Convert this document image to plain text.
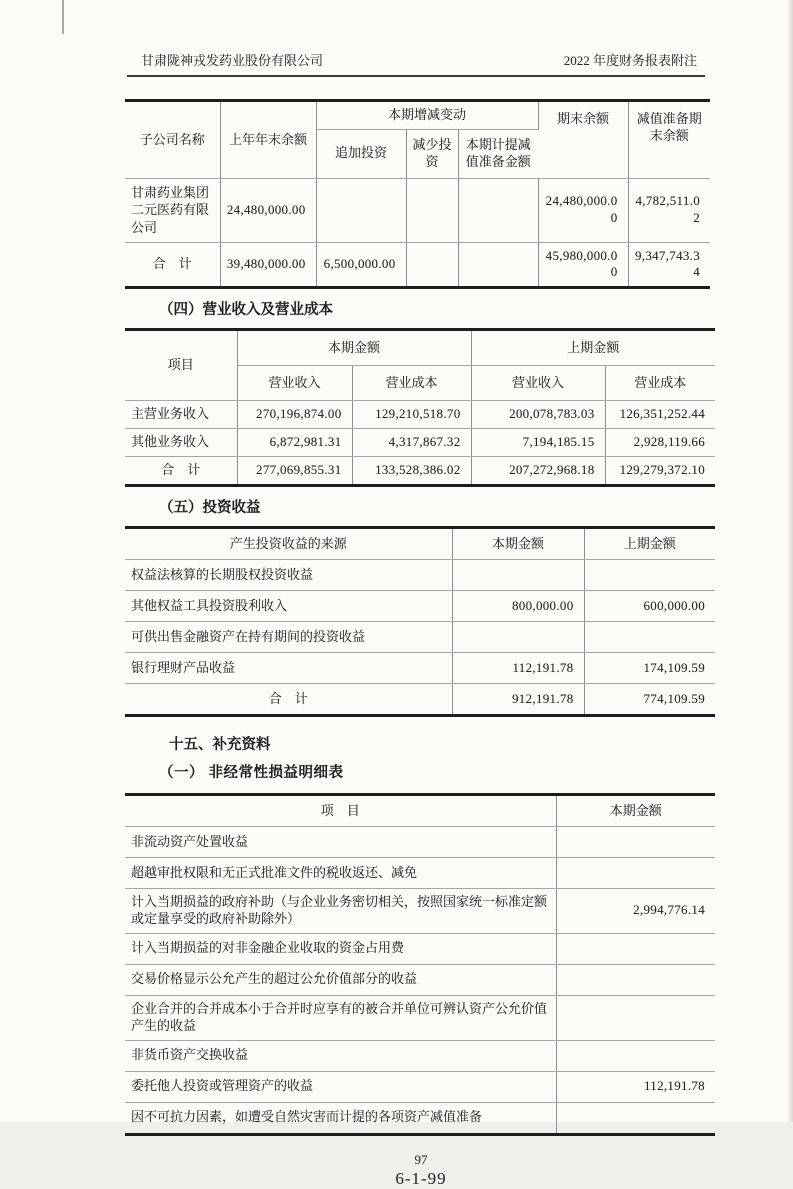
甘肃陇神戎发药业股份有限公司	2022 年度财务报表附注
子公司名称	上年年末余额	本期增减变动			期末余额	减值准备期末余额
		追加投资	减少投资	本期计提减值准备金额		
甘肃药业集团二元医药有限公司	24,480,000.00				24,480,000.00	4,782,511.02
合　计	39,480,000.00	6,500,000.00			45,980,000.00	9,347,743.34
（四）营业收入及营业成本
项目	本期金额		上期金额	
	营业收入	营业成本	营业收入	营业成本
主营业务收入	270,196,874.00	129,210,518.70	200,078,783.03	126,351,252.44
其他业务收入	6,872,981.31	4,317,867.32	7,194,185.15	2,928,119.66
合　计	277,069,855.31	133,528,386.02	207,272,968.18	129,279,372.10
（五）投资收益
产生投资收益的来源	本期金额	上期金额
权益法核算的长期股权投资收益		
其他权益工具投资股利收入	800,000.00	600,000.00
可供出售金融资产在持有期间的投资收益		
银行理财产品收益	112,191.78	174,109.59
合　计	912,191.78	774,109.59
十五、补充资料
（一） 非经常性损益明细表
项　目	本期金额
非流动资产处置收益	
超越审批权限和无正式批准文件的税收返还、减免	
计入当期损益的政府补助（与企业业务密切相关，按照国家统一标准定额或定量享受的政府补助除外）	2,994,776.14
计入当期损益的对非金融企业收取的资金占用费	
交易价格显示公允产生的超过公允价值部分的收益	
企业合并的合并成本小于合并时应享有的被合并单位可辨认资产公允价值产生的收益	
非货币资产交换收益	
委托他人投资或管理资产的收益	112,191.78
因不可抗力因素，如遭受自然灾害而计提的各项资产减值准备	
97
6-1-99
